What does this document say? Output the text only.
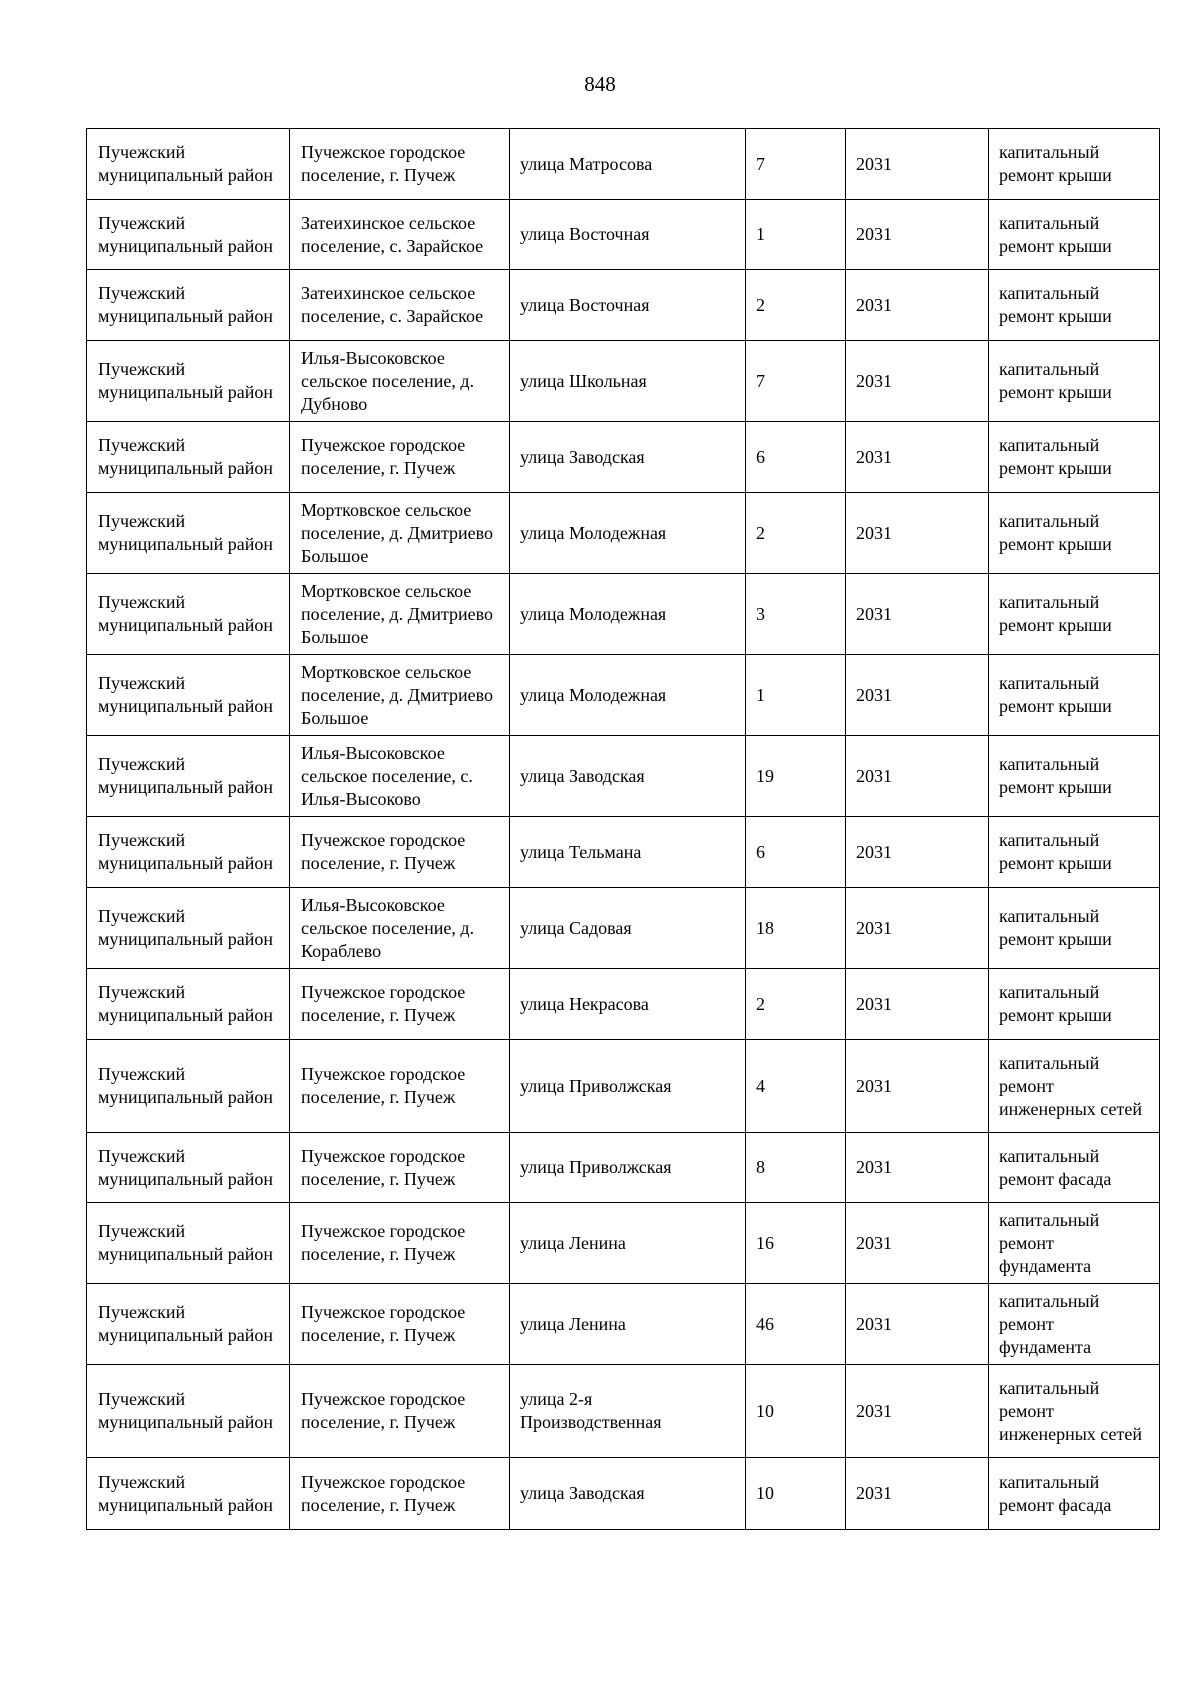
848
Пучежский муниципальный район	Пучежское городское поселение, г. Пучеж	улица Матросова	7	2031	капитальный ремонт крыши
Пучежский муниципальный район	Затеихинское сельское поселение, с. Зарайское	улица Восточная	1	2031	капитальный ремонт крыши
Пучежский муниципальный район	Затеихинское сельское поселение, с. Зарайское	улица Восточная	2	2031	капитальный ремонт крыши
Пучежский муниципальный район	Илья-Высоковское сельское поселение, д. Дубново	улица Школьная	7	2031	капитальный ремонт крыши
Пучежский муниципальный район	Пучежское городское поселение, г. Пучеж	улица Заводская	6	2031	капитальный ремонт крыши
Пучежский муниципальный район	Мортковское сельское поселение, д. Дмитриево Большое	улица Молодежная	2	2031	капитальный ремонт крыши
Пучежский муниципальный район	Мортковское сельское поселение, д. Дмитриево Большое	улица Молодежная	3	2031	капитальный ремонт крыши
Пучежский муниципальный район	Мортковское сельское поселение, д. Дмитриево Большое	улица Молодежная	1	2031	капитальный ремонт крыши
Пучежский муниципальный район	Илья-Высоковское сельское поселение, с. Илья-Высоково	улица Заводская	19	2031	капитальный ремонт крыши
Пучежский муниципальный район	Пучежское городское поселение, г. Пучеж	улица Тельмана	6	2031	капитальный ремонт крыши
Пучежский муниципальный район	Илья-Высоковское сельское поселение, д. Кораблево	улица Садовая	18	2031	капитальный ремонт крыши
Пучежский муниципальный район	Пучежское городское поселение, г. Пучеж	улица Некрасова	2	2031	капитальный ремонт крыши
Пучежский муниципальный район	Пучежское городское поселение, г. Пучеж	улица Приволжская	4	2031	капитальный ремонт инженерных сетей
Пучежский муниципальный район	Пучежское городское поселение, г. Пучеж	улица Приволжская	8	2031	капитальный ремонт фасада
Пучежский муниципальный район	Пучежское городское поселение, г. Пучеж	улица Ленина	16	2031	капитальный ремонт фундамента
Пучежский муниципальный район	Пучежское городское поселение, г. Пучеж	улица Ленина	46	2031	капитальный ремонт фундамента
Пучежский муниципальный район	Пучежское городское поселение, г. Пучеж	улица 2-я Производственная	10	2031	капитальный ремонт инженерных сетей
Пучежский муниципальный район	Пучежское городское поселение, г. Пучеж	улица Заводская	10	2031	капитальный ремонт фасада
